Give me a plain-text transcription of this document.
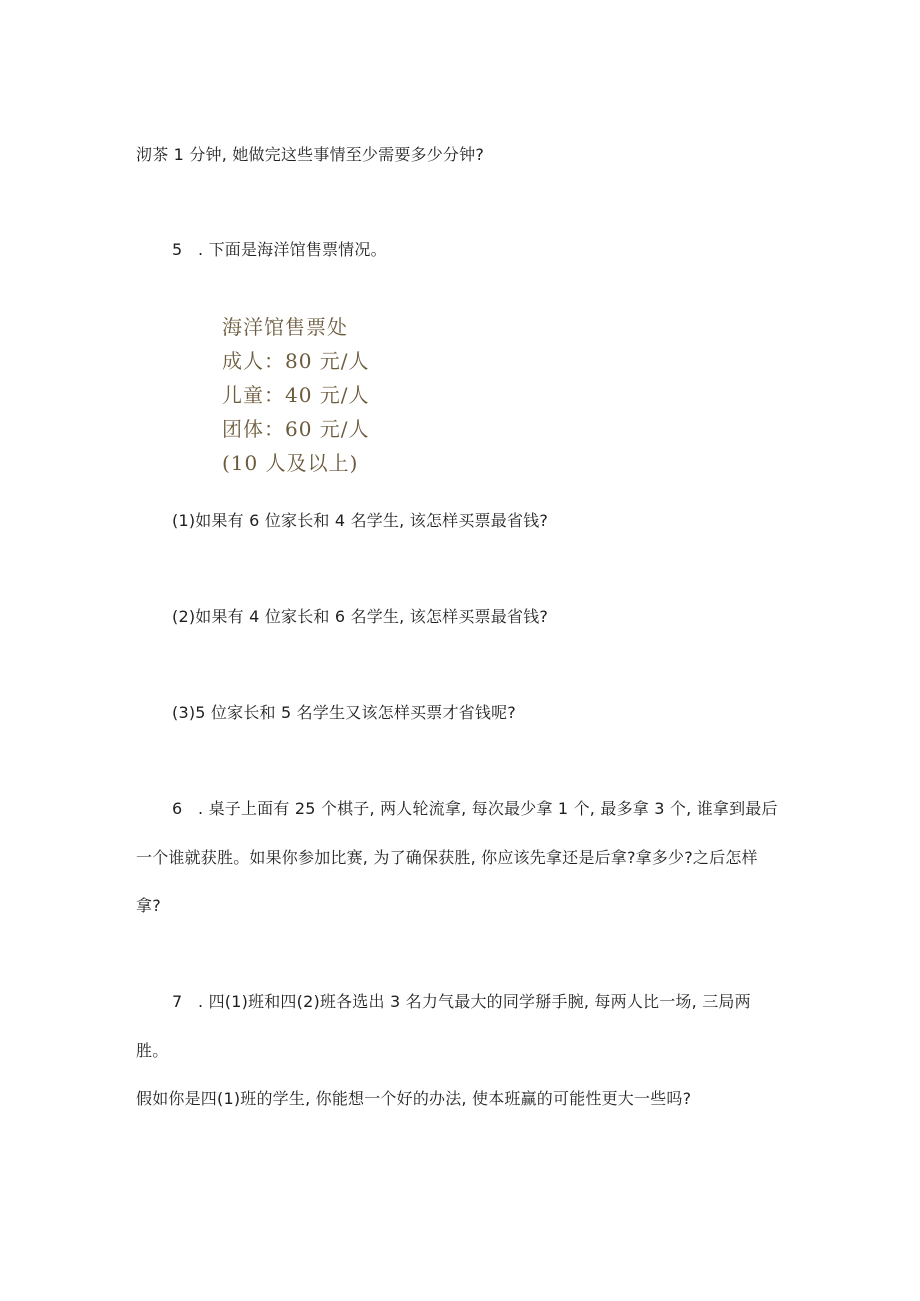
沏茶 1 分钟, 她做完这些事情至少需要多少分钟?
5 . 下面是海洋馆售票情况。
海洋馆售票处
成人：80 元/人
儿童：40 元/人
团体：60 元/人
(10 人及以上)
(1)如果有 6 位家长和 4 名学生, 该怎样买票最省钱?
(2)如果有 4 位家长和 6 名学生, 该怎样买票最省钱?
(3)5 位家长和 5 名学生又该怎样买票才省钱呢?
6 . 桌子上面有 25 个棋子, 两人轮流拿, 每次最少拿 1 个, 最多拿 3 个, 谁拿到最后
一个谁就获胜。如果你参加比赛, 为了确保获胜, 你应该先拿还是后拿?拿多少?之后怎样
拿?
7 . 四(1)班和四(2)班各选出 3 名力气最大的同学掰手腕, 每两人比一场, 三局两
胜。
假如你是四(1)班的学生, 你能想一个好的办法, 使本班赢的可能性更大一些吗?
